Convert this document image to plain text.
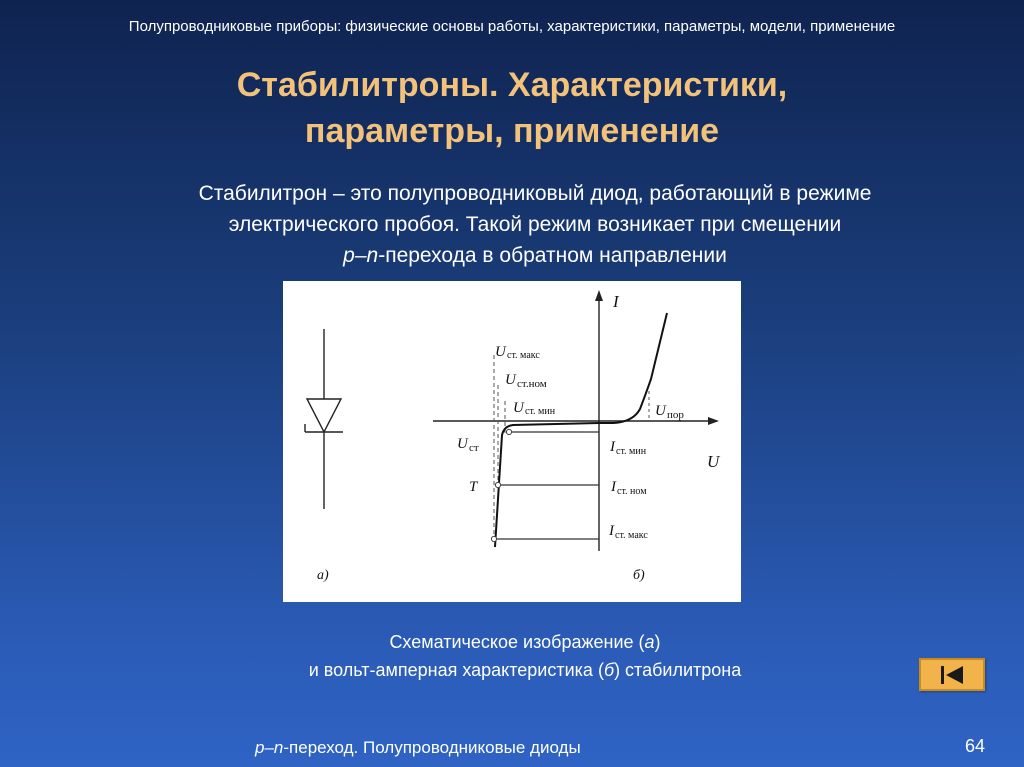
Полупроводниковые приборы: физические основы работы, характеристики, параметры, модели, применение
Стабилитроны. Характеристики,
параметры, применение
Стабилитрон – это полупроводниковый диод, работающий в режиме
электрического пробоя. Такой режим возникает при смещении
p–n-перехода в обратном направлении
I
U
U ст. макс
U ст.ном
U ст. мин	U пор
U ст
T
I ст. мин
I ст. ном
I ст. макс
а)	б)
Схематическое изображение (а)
и вольт-амперная характеристика (б) стабилитрона
p–n-переход. Полупроводниковые диоды	64
